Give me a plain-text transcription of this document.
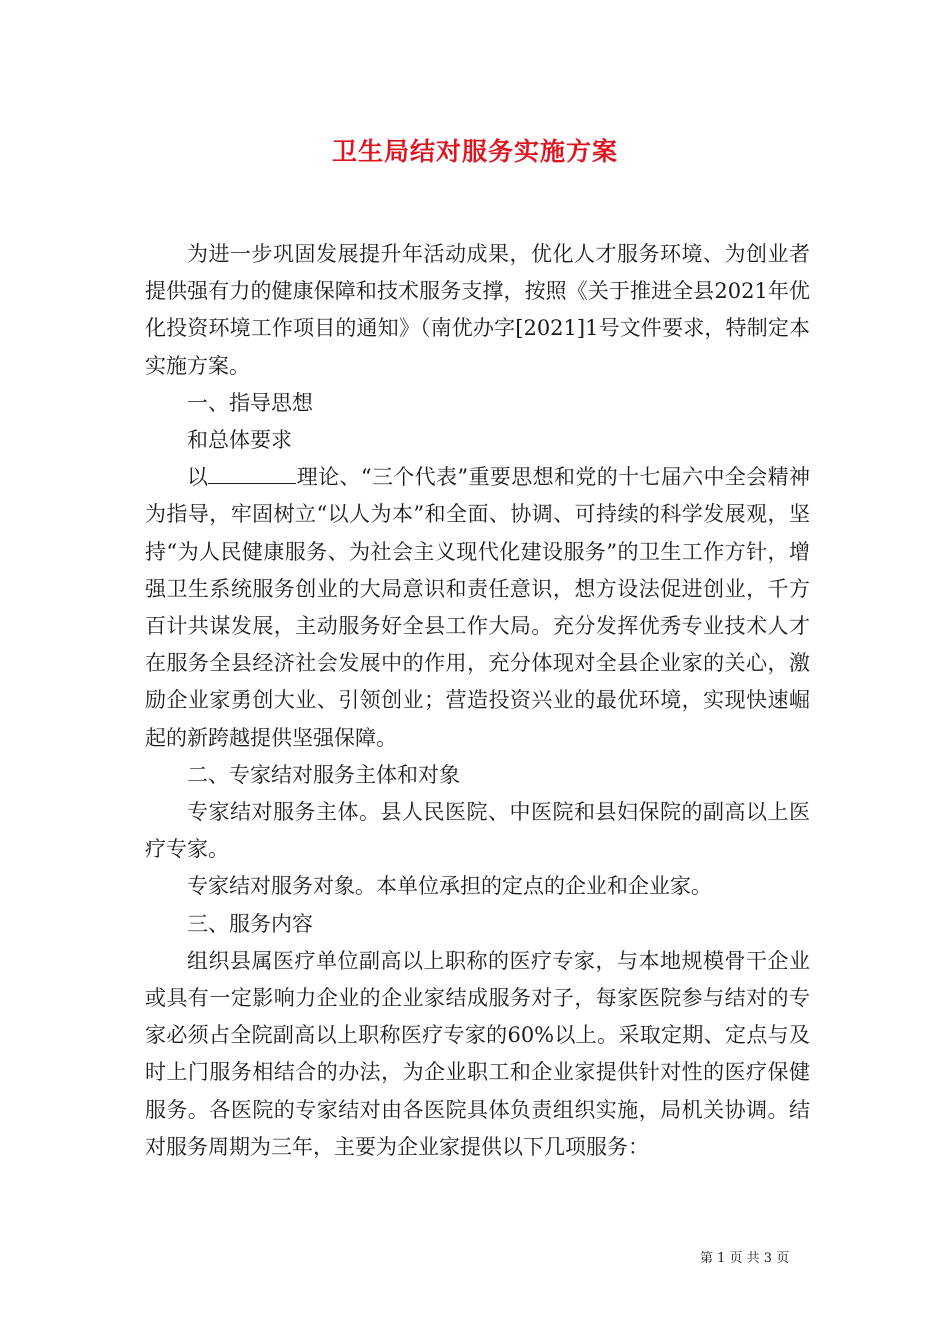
卫生局结对服务实施方案

为进一步巩固发展提升年活动成果，优化人才服务环境、为创业者提供强有力的健康保障和技术服务支撑，按照《关于推进全县2021年优化投资环境工作项目的通知》（南优办字[2021]1号文件要求，特制定本实施方案。

一、指导思想

和总体要求

以	理论、“三个代表”重要思想和党的十七届六中全会精神为指导，牢固树立“以人为本”和全面、协调、可持续的科学发展观，坚持“为人民健康服务、为社会主义现代化建设服务”的卫生工作方针，增强卫生系统服务创业的大局意识和责任意识，想方设法促进创业，千方百计共谋发展，主动服务好全县工作大局。充分发挥优秀专业技术人才在服务全县经济社会发展中的作用，充分体现对全县企业家的关心，激励企业家勇创大业、引领创业；营造投资兴业的最优环境，实现快速崛起的新跨越提供坚强保障。

二、专家结对服务主体和对象

专家结对服务主体。县人民医院、中医院和县妇保院的副高以上医疗专家。

专家结对服务对象。本单位承担的定点的企业和企业家。

三、服务内容

组织县属医疗单位副高以上职称的医疗专家，与本地规模骨干企业或具有一定影响力企业的企业家结成服务对子，每家医院参与结对的专家必须占全院副高以上职称医疗专家的60%以上。采取定期、定点与及时上门服务相结合的办法，为企业职工和企业家提供针对性的医疗保健服务。各医院的专家结对由各医院具体负责组织实施，局机关协调。结对服务周期为三年，主要为企业家提供以下几项服务：

第 1 页 共 3 页
